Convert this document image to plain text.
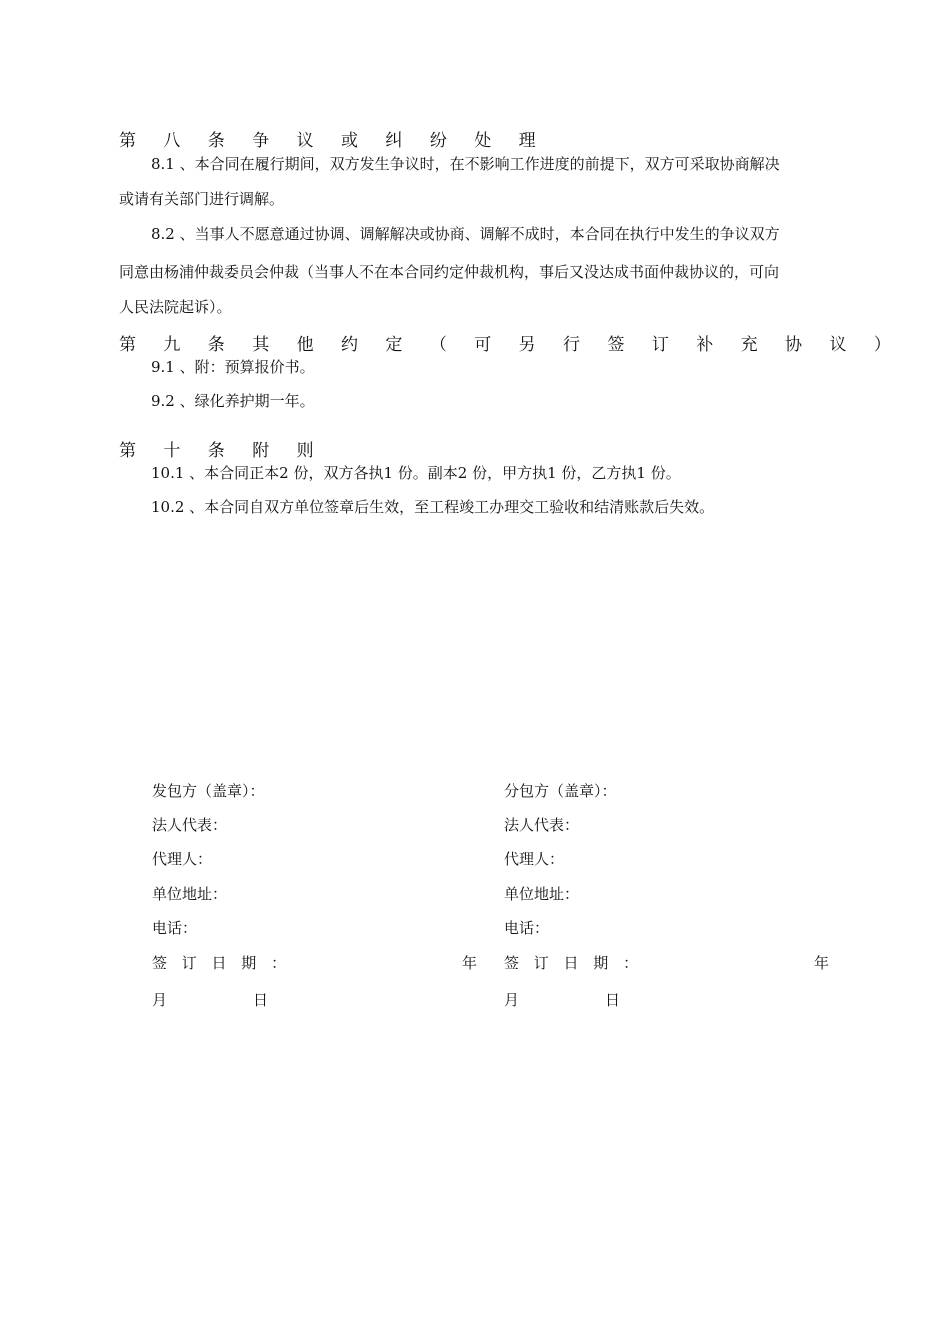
第 八 条 争 议 或 纠 纷 处 理
8.1 、本合同在履行期间，双方发生争议时，在不影响工作进度的前提下，双方可采取协商解决
或请有关部门进行调解。
8.2 、当事人不愿意通过协调、调解解决或协商、调解不成时，本合同在执行中发生的争议双方
同意由杨浦仲裁委员会仲裁（当事人不在本合同约定仲裁机构，事后又没达成书面仲裁协议的，可向
人民法院起诉）。
第 九 条 其 他 约 定 （ 可 另 行 签 订 补 充 协 议 ）
9.1 、附：预算报价书。
9.2 、绿化养护期一年。
第 十 条 附 则
10.1 、本合同正本2 份，双方各执1 份。副本2 份，甲方执1 份，乙方执1 份。
10.2 、本合同自双方单位签章后生效，至工程竣工办理交工验收和结清账款后失效。
发包方（盖章）：
法人代表：
代理人：
单位地址：
电话：
签 订 日 期 ：	年
月	日
分包方（盖章）：
法人代表：
代理人：
单位地址：
电话：
签 订 日 期 ：	年
月	日
